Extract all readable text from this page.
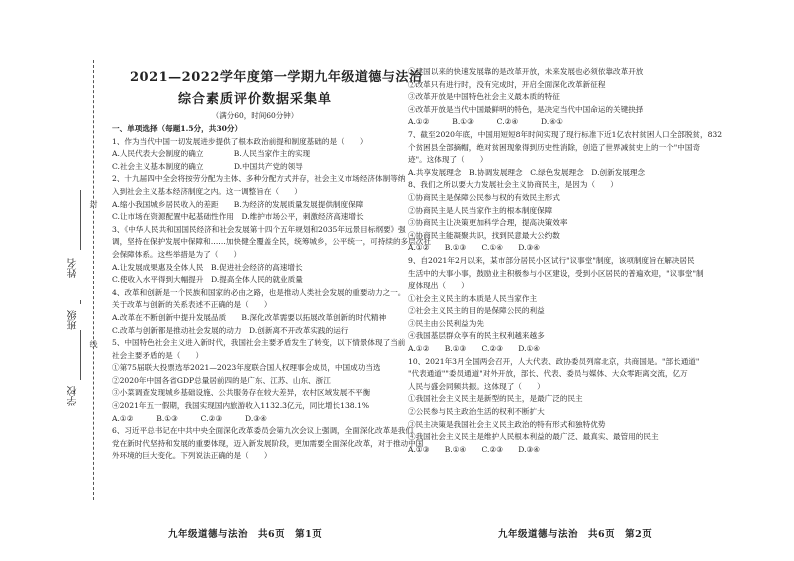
姓名
班级
学校
封
线
2021—2022学年度第一学期九年级道德与法治
综合素质评价数据采集单
（满分60，时间60分钟）
一、单项选择（每题1.5分，共30分）
1、作为当代中国一切发展进步提供了根本政治前提和制度基础的是（　　）
A.人民代表大会制度的确立　　　　B.人民当家作主的实现
C.社会主义基本制度的确立　　　　D.中国共产党的领导
2、十九届四中全会将按劳分配为主体、多种分配方式并存，社会主义市场经济体制等纳
入到社会主义基本经济制度之内。这一调整旨在（　　）
A.缩小我国城乡居民收入的差距　　B.为经济的发展质量发展提供制度保障
C.让市场在资源配置中起基础性作用　D.维护市场公平，刺激经济高速增长
3、《中华人民共和国国民经济和社会发展第十四个五年规划和2035年远景目标纲要》强
调，坚持在保护发展中保障和……加快健全覆盖全民，统筹城乡，公平统一，可持续的多层次社
会保障体系。这些举措是为了（　　）
A.让发展成果惠及全体人民　B.促进社会经济的高速增长
C.使收入水平得到大幅提升　D.提高全体人民的就业质量
4、改革和创新是一个民族和国家的必由之路，也是推动人类社会发展的重要动力之一。
关于改革与创新的关系表述不正确的是（　　）
A.改革在不断创新中提升发展品质　　B.深化改革需要以拓展改革创新的时代精神
C.改革与创新都是推动社会发展的动力　D.创新离不开改革实践的运行
5、中国特色社会主义进入新时代，我国社会主要矛盾发生了转变，以下情景体现了当前
社会主要矛盾的是（　　）
①第75届联大投票选举2021—2023年度联合国人权理事会成员，中国成功当选
②2020年中国各省GDP总量居前四的是广东、江苏、山东、浙江
③小菜调查发现城乡基础设施、公共服务存在较大差异，农村区域发展不平衡
④2021年五一假期，我国实现国内旅游收入1132.3亿元，同比增长138.1%
A.①②　　　B.①③　　　C.②③　　　D.③④
6、习近平总书记在中共中央全面深化改革委员会第九次会议上强调，全面深化改革是我们
党在新时代坚持和发展的重要体现，迈入新发展阶段，更加需要全面深化改革，对于推动中国
外环境的巨大变化。下列说法正确的是（　　）
①建国以来的快速发展靠的是改革开放，未来发展也必须依靠改革开放
②改革只有进行时，没有完成时，开启全面深化改革新征程
③改革开放是中国特色社会主义最本质的特征
④改革开放是当代中国最鲜明的特色，是决定当代中国命运的关键抉择
A.①②　　　B.①③　　　C.②④　　　D.④①
7、截至2020年底，中国用短短8年时间实现了现行标准下近1亿农村贫困人口全部脱贫，832
个贫困县全部摘帽，绝对贫困现象得到历史性消除，创造了世界减贫史上的一个"中国奇
迹"。这体现了（　　）
A.共享发展理念　B.协调发展理念　C.绿色发展理念　D.创新发展理念
8、我们之所以要大力发展社会主义协商民主，是因为（　　）
①协商民主是保障公民参与权的有效民主形式
②协商民主是人民当家作主的根本制度保障
③协商民主让决策更加科学合理，提高决策效率
④协商民主能凝聚共识，找到民意最大公约数
A.①②　　B.①③　　C.①④　　D.③④
9、自2021年2月以来，某市部分居民小区试行"议事堂"制度，该项制度旨在解决居民
生活中的大事小事，鼓励业主积极参与小区建设，受到小区居民的普遍欢迎，"议事堂"制
度体现出（　　）
①社会主义民主的本质是人民当家作主
②社会主义民主的目的是保障公民的利益
③民主由公民利益为先
④我国基层群众享有的民主权利越来越多
A.①②　　B.①③　　C.②③　　D.①④
10、2021年3月全国两会召开，人大代表、政协委员列席北京，共商国是。"部长通道"
"代表通道""委员通道"对外开放，部长、代表、委员与媒体、大众零距离交流，亿万
人民与盛会同频共振。这体现了（　　）
①我国社会主义民主是新型的民主，是最广泛的民主
②公民参与民主政治生活的权利不断扩大
③民主决策是我国社会主义民主政治的特有形式和独特优势
④我国社会主义民主是维护人民根本利益的最广泛、最真实、最管用的民主
A.①③　　B.①④　　C.②③　　D.③④
九年级道德与法治　共6页　第1页	九年级道德与法治　共6页　第2页
